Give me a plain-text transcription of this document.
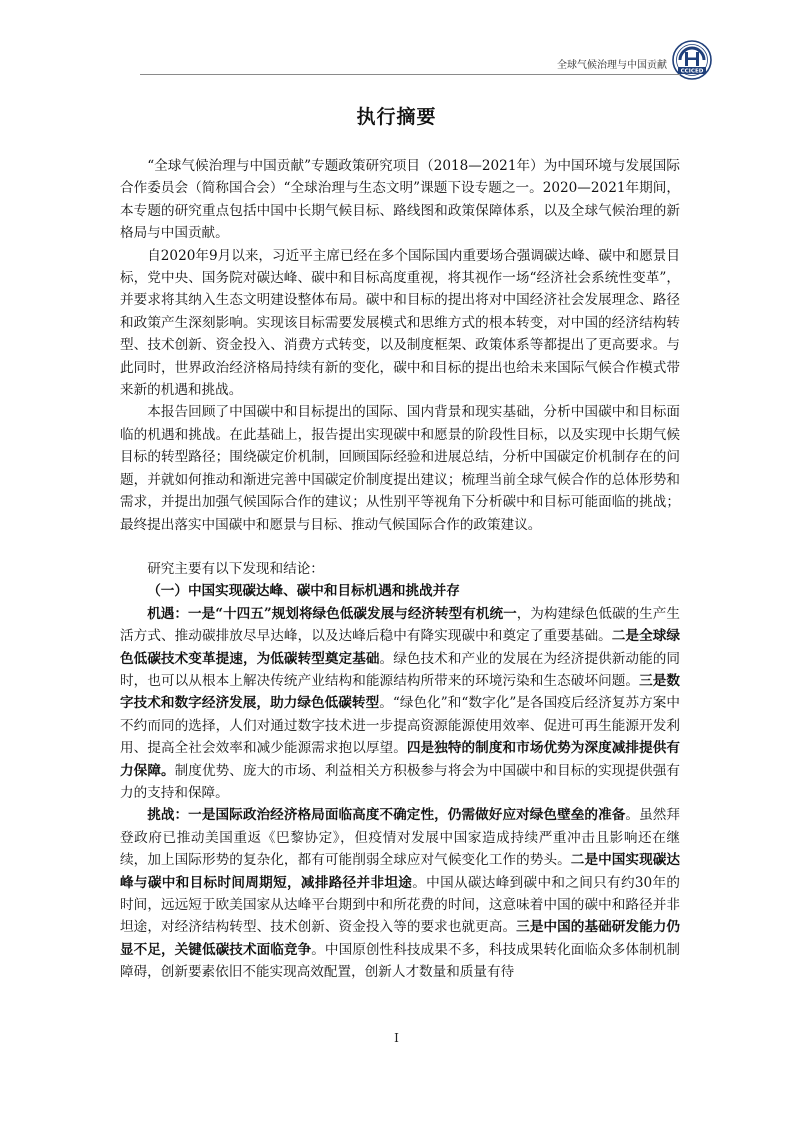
全球气候治理与中国贡献
CCICED
执行摘要

“全球气候治理与中国贡献”专题政策研究项目（2018—2021年）为中国环境与发展国际合作委员会（简称国合会）“全球治理与生态文明”课题下设专题之一。2020—2021年期间，本专题的研究重点包括中国中长期气候目标、路线图和政策保障体系，以及全球气候治理的新格局与中国贡献。

自2020年9月以来，习近平主席已经在多个国际国内重要场合强调碳达峰、碳中和愿景目标，党中央、国务院对碳达峰、碳中和目标高度重视，将其视作一场“经济社会系统性变革”，并要求将其纳入生态文明建设整体布局。碳中和目标的提出将对中国经济社会发展理念、路径和政策产生深刻影响。实现该目标需要发展模式和思维方式的根本转变，对中国的经济结构转型、技术创新、资金投入、消费方式转变，以及制度框架、政策体系等都提出了更高要求。与此同时，世界政治经济格局持续有新的变化，碳中和目标的提出也给未来国际气候合作模式带来新的机遇和挑战。

本报告回顾了中国碳中和目标提出的国际、国内背景和现实基础，分析中国碳中和目标面临的机遇和挑战。在此基础上，报告提出实现碳中和愿景的阶段性目标，以及实现中长期气候目标的转型路径；围绕碳定价机制，回顾国际经验和进展总结，分析中国碳定价机制存在的问题，并就如何推动和渐进完善中国碳定价制度提出建议；梳理当前全球气候合作的总体形势和需求，并提出加强气候国际合作的建议；从性别平等视角下分析碳中和目标可能面临的挑战；最终提出落实中国碳中和愿景与目标、推动气候国际合作的政策建议。

研究主要有以下发现和结论：

（一）中国实现碳达峰、碳中和目标机遇和挑战并存

机遇：一是“十四五”规划将绿色低碳发展与经济转型有机统一，为构建绿色低碳的生产生活方式、推动碳排放尽早达峰，以及达峰后稳中有降实现碳中和奠定了重要基础。二是全球绿色低碳技术变革提速，为低碳转型奠定基础。绿色技术和产业的发展在为经济提供新动能的同时，也可以从根本上解决传统产业结构和能源结构所带来的环境污染和生态破坏问题。三是数字技术和数字经济发展，助力绿色低碳转型。“绿色化”和“数字化”是各国疫后经济复苏方案中不约而同的选择，人们对通过数字技术进一步提高资源能源使用效率、促进可再生能源开发利用、提高全社会效率和减少能源需求抱以厚望。四是独特的制度和市场优势为深度减排提供有力保障。制度优势、庞大的市场、利益相关方积极参与将会为中国碳中和目标的实现提供强有力的支持和保障。

挑战：一是国际政治经济格局面临高度不确定性，仍需做好应对绿色壁垒的准备。虽然拜登政府已推动美国重返《巴黎协定》，但疫情对发展中国家造成持续严重冲击且影响还在继续，加上国际形势的复杂化，都有可能削弱全球应对气候变化工作的势头。二是中国实现碳达峰与碳中和目标时间周期短，减排路径并非坦途。中国从碳达峰到碳中和之间只有约30年的时间，远远短于欧美国家从达峰平台期到中和所花费的时间，这意味着中国的碳中和路径并非坦途，对经济结构转型、技术创新、资金投入等的要求也就更高。三是中国的基础研发能力仍显不足，关键低碳技术面临竞争。中国原创性科技成果不多，科技成果转化面临众多体制机制障碍，创新要素依旧不能实现高效配置，创新人才数量和质量有待

I
